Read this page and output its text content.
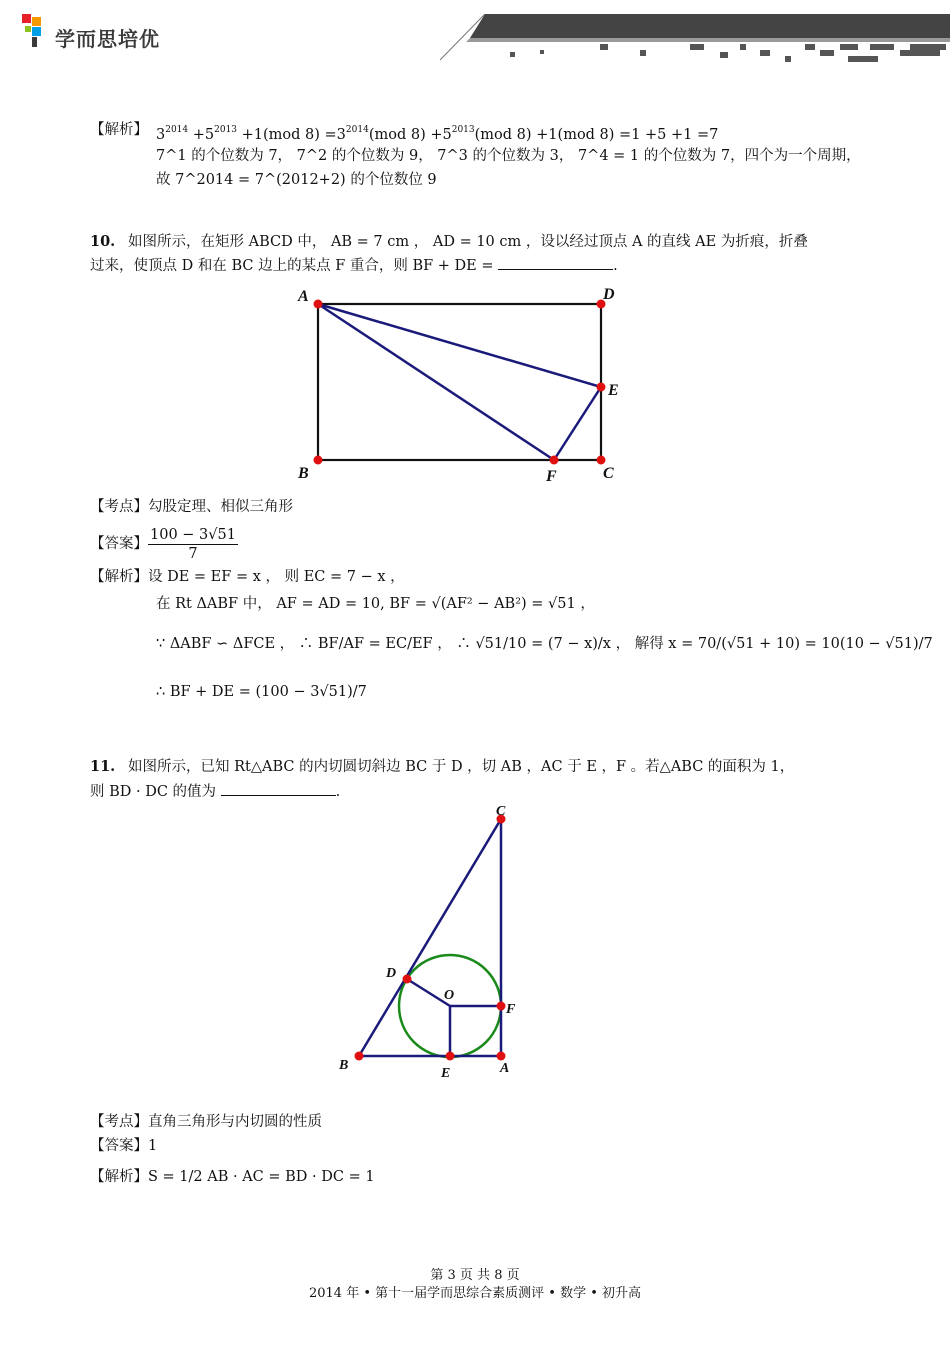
学而思培优
【解析】 $3^{2014} +5^{2013} +1(mod$ $8) =3^{2014}(mod$ $8) +5^{2013}(mod$ 8) +1(mod 8) =1 +5 +1 =7
7^1 的个位数为 7， 7^2 的个位数为 9， 7^3 的个位数为 3， 7^4 = 1 的个位数为 7，四个为一个周期，
故 7^2014 = 7^(2012+2) 的个位数位 9
10. 如图所示，在矩形 ABCD 中， AB = 7 cm ， AD = 10 cm ，设以经过顶点 A 的直线 AE 为折痕，折叠
过来，使顶点 D 和在 BC 边上的某点 F 重合，则 BF + DE =	.
A	D
E
B	C
F
【考点】勾股定理、相似三角形
【答案】 $\frac{100 - 3√51}{7}$
【解析】设 DE = EF = x ， 则 EC = 7 − x ，
在 Rt ΔABF 中， AF = AD = 10, BF = √(AF² − AB²) = √51 ，
∵ ΔABF ∽ ΔFCE ， ∴ BF/AF = EC/EF ， ∴ √51/10 = (7 − x)/x ， 解得 x = 70/(√51 + 10) = 10(10 − √51)/7
∴ BF + DE = (100 − 3√51)/7
11. 如图所示，已知 Rt△ABC 的内切圆切斜边 BC 于 D ，切 AB ，AC 于 E ，F 。若△ABC 的面积为 1，
则 BD · DC 的值为	.
C
D
O
F
B
E	A
【考点】直角三角形与内切圆的性质
【答案】1
【解析】S = 1/2 AB · AC = BD · DC = 1
第 3 页 共 8 页
2014 年 • 第十一届学而思综合素质测评 • 数学 • 初升高
